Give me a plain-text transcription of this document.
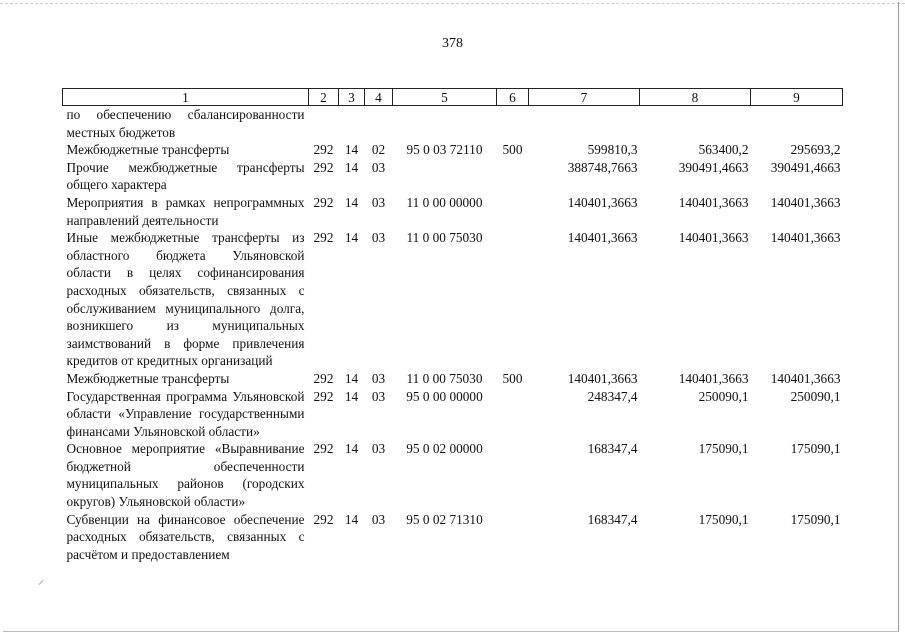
378
1	2	3	4	5	6	7	8	9
по обеспечению сбалансированности местных бюджетов								
Межбюджетные трансферты	292	14	02	95 0 03 72110	500	599810,3	563400,2	295693,2
Прочие межбюджетные трансферты общего характера	292	14	03			388748,7663	390491,4663	390491,4663
Мероприятия в рамках непрограммных направлений деятельности	292	14	03	11 0 00 00000		140401,3663	140401,3663	140401,3663
Иные межбюджетные трансферты из областного бюджета Ульяновской области в целях софинансирования расходных обязательств, связанных с обслуживанием муниципального долга, возникшего из муниципальных заимствований в форме привлечения кредитов от кредитных организаций	292	14	03	11 0 00 75030		140401,3663	140401,3663	140401,3663
Межбюджетные трансферты	292	14	03	11 0 00 75030	500	140401,3663	140401,3663	140401,3663
Государственная программа Ульяновской области «Управление государственными финансами Ульяновской области»	292	14	03	95 0 00 00000		248347,4	250090,1	250090,1
Основное мероприятие «Выравнивание бюджетной обеспеченности муниципальных районов (городских округов) Ульяновской области»	292	14	03	95 0 02 00000		168347,4	175090,1	175090,1
Субвенции на финансовое обеспечение расходных обязательств, связанных с расчётом и предоставлением	292	14	03	95 0 02 71310		168347,4	175090,1	175090,1
